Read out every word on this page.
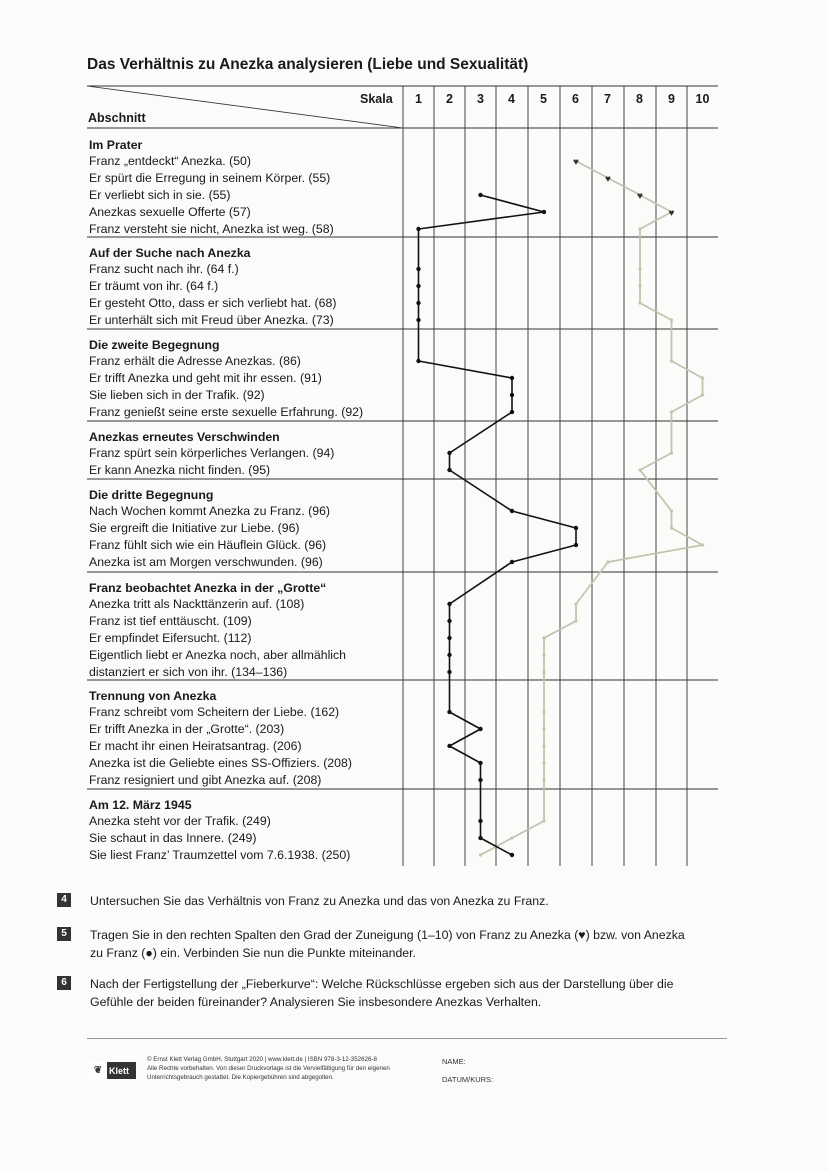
Das Verhältnis zu Anezka analysieren (Liebe und Sexualität)
Skala
Abschnitt
1	2	3	4	5	6	7	8	9	10
Im Prater
Franz „entdeckt“ Anezka. (50)
Er spürt die Erregung in seinem Körper. (55)
Er verliebt sich in sie. (55)
Anezkas sexuelle Offerte (57)
Franz versteht sie nicht, Anezka ist weg. (58)
Auf der Suche nach Anezka
Franz sucht nach ihr. (64 f.)
Er träumt von ihr. (64 f.)
Er gesteht Otto, dass er sich verliebt hat. (68)
Er unterhält sich mit Freud über Anezka. (73)
Die zweite Begegnung
Franz erhält die Adresse Anezkas. (86)
Er trifft Anezka und geht mit ihr essen. (91)
Sie lieben sich in der Trafik. (92)
Franz genießt seine erste sexuelle Erfahrung. (92)
Anezkas erneutes Verschwinden
Franz spürt sein körperliches Verlangen. (94)
Er kann Anezka nicht finden. (95)
Die dritte Begegnung
Nach Wochen kommt Anezka zu Franz. (96)
Sie ergreift die Initiative zur Liebe. (96)
Franz fühlt sich wie ein Häuflein Glück. (96)
Anezka ist am Morgen verschwunden. (96)
Franz beobachtet Anezka in der „Grotte“
Anezka tritt als Nackttänzerin auf. (108)
Franz ist tief enttäuscht. (109)
Er empfindet Eifersucht. (112)
Eigentlich liebt er Anezka noch, aber allmählich
distanziert er sich von ihr. (134–136)
Trennung von Anezka
Franz schreibt vom Scheitern der Liebe. (162)
Er trifft Anezka in der „Grotte“. (203)
Er macht ihr einen Heiratsantrag. (206)
Anezka ist die Geliebte eines SS-Offiziers. (208)
Franz resigniert und gibt Anezka auf. (208)
Am 12. März 1945
Anezka steht vor der Trafik. (249)
Sie schaut in das Innere. (249)
Sie liest Franz’ Traumzettel vom 7.6.1938. (250)
♥
♥
♥
♥
4	Untersuchen Sie das Verhältnis von Franz zu Anezka und das von Anezka zu Franz.
5	Tragen Sie in den rechten Spalten den Grad der Zuneigung (1–10) von Franz zu Anezka (♥) bzw. von Anezka zu Franz (●) ein. Verbinden Sie nun die Punkte miteinander.
6	Nach der Fertigstellung der „Fieberkurve“: Welche Rückschlüsse ergeben sich aus der Darstellung über die Gefühle der beiden füreinander? Analysieren Sie insbesondere Anezkas Verhalten.
❦ Klett
© Ernst Klett Verlag GmbH, Stuttgart 2020 | www.klett.de | ISBN 978-3-12-352626-8
Alle Rechte vorbehalten. Von dieser Druckvorlage ist die Vervielfältigung für den eigenen Unterrichtsgebrauch gestattet. Die Kopiergebühren sind abgegolten.
NAME:
DATUM/KURS:
